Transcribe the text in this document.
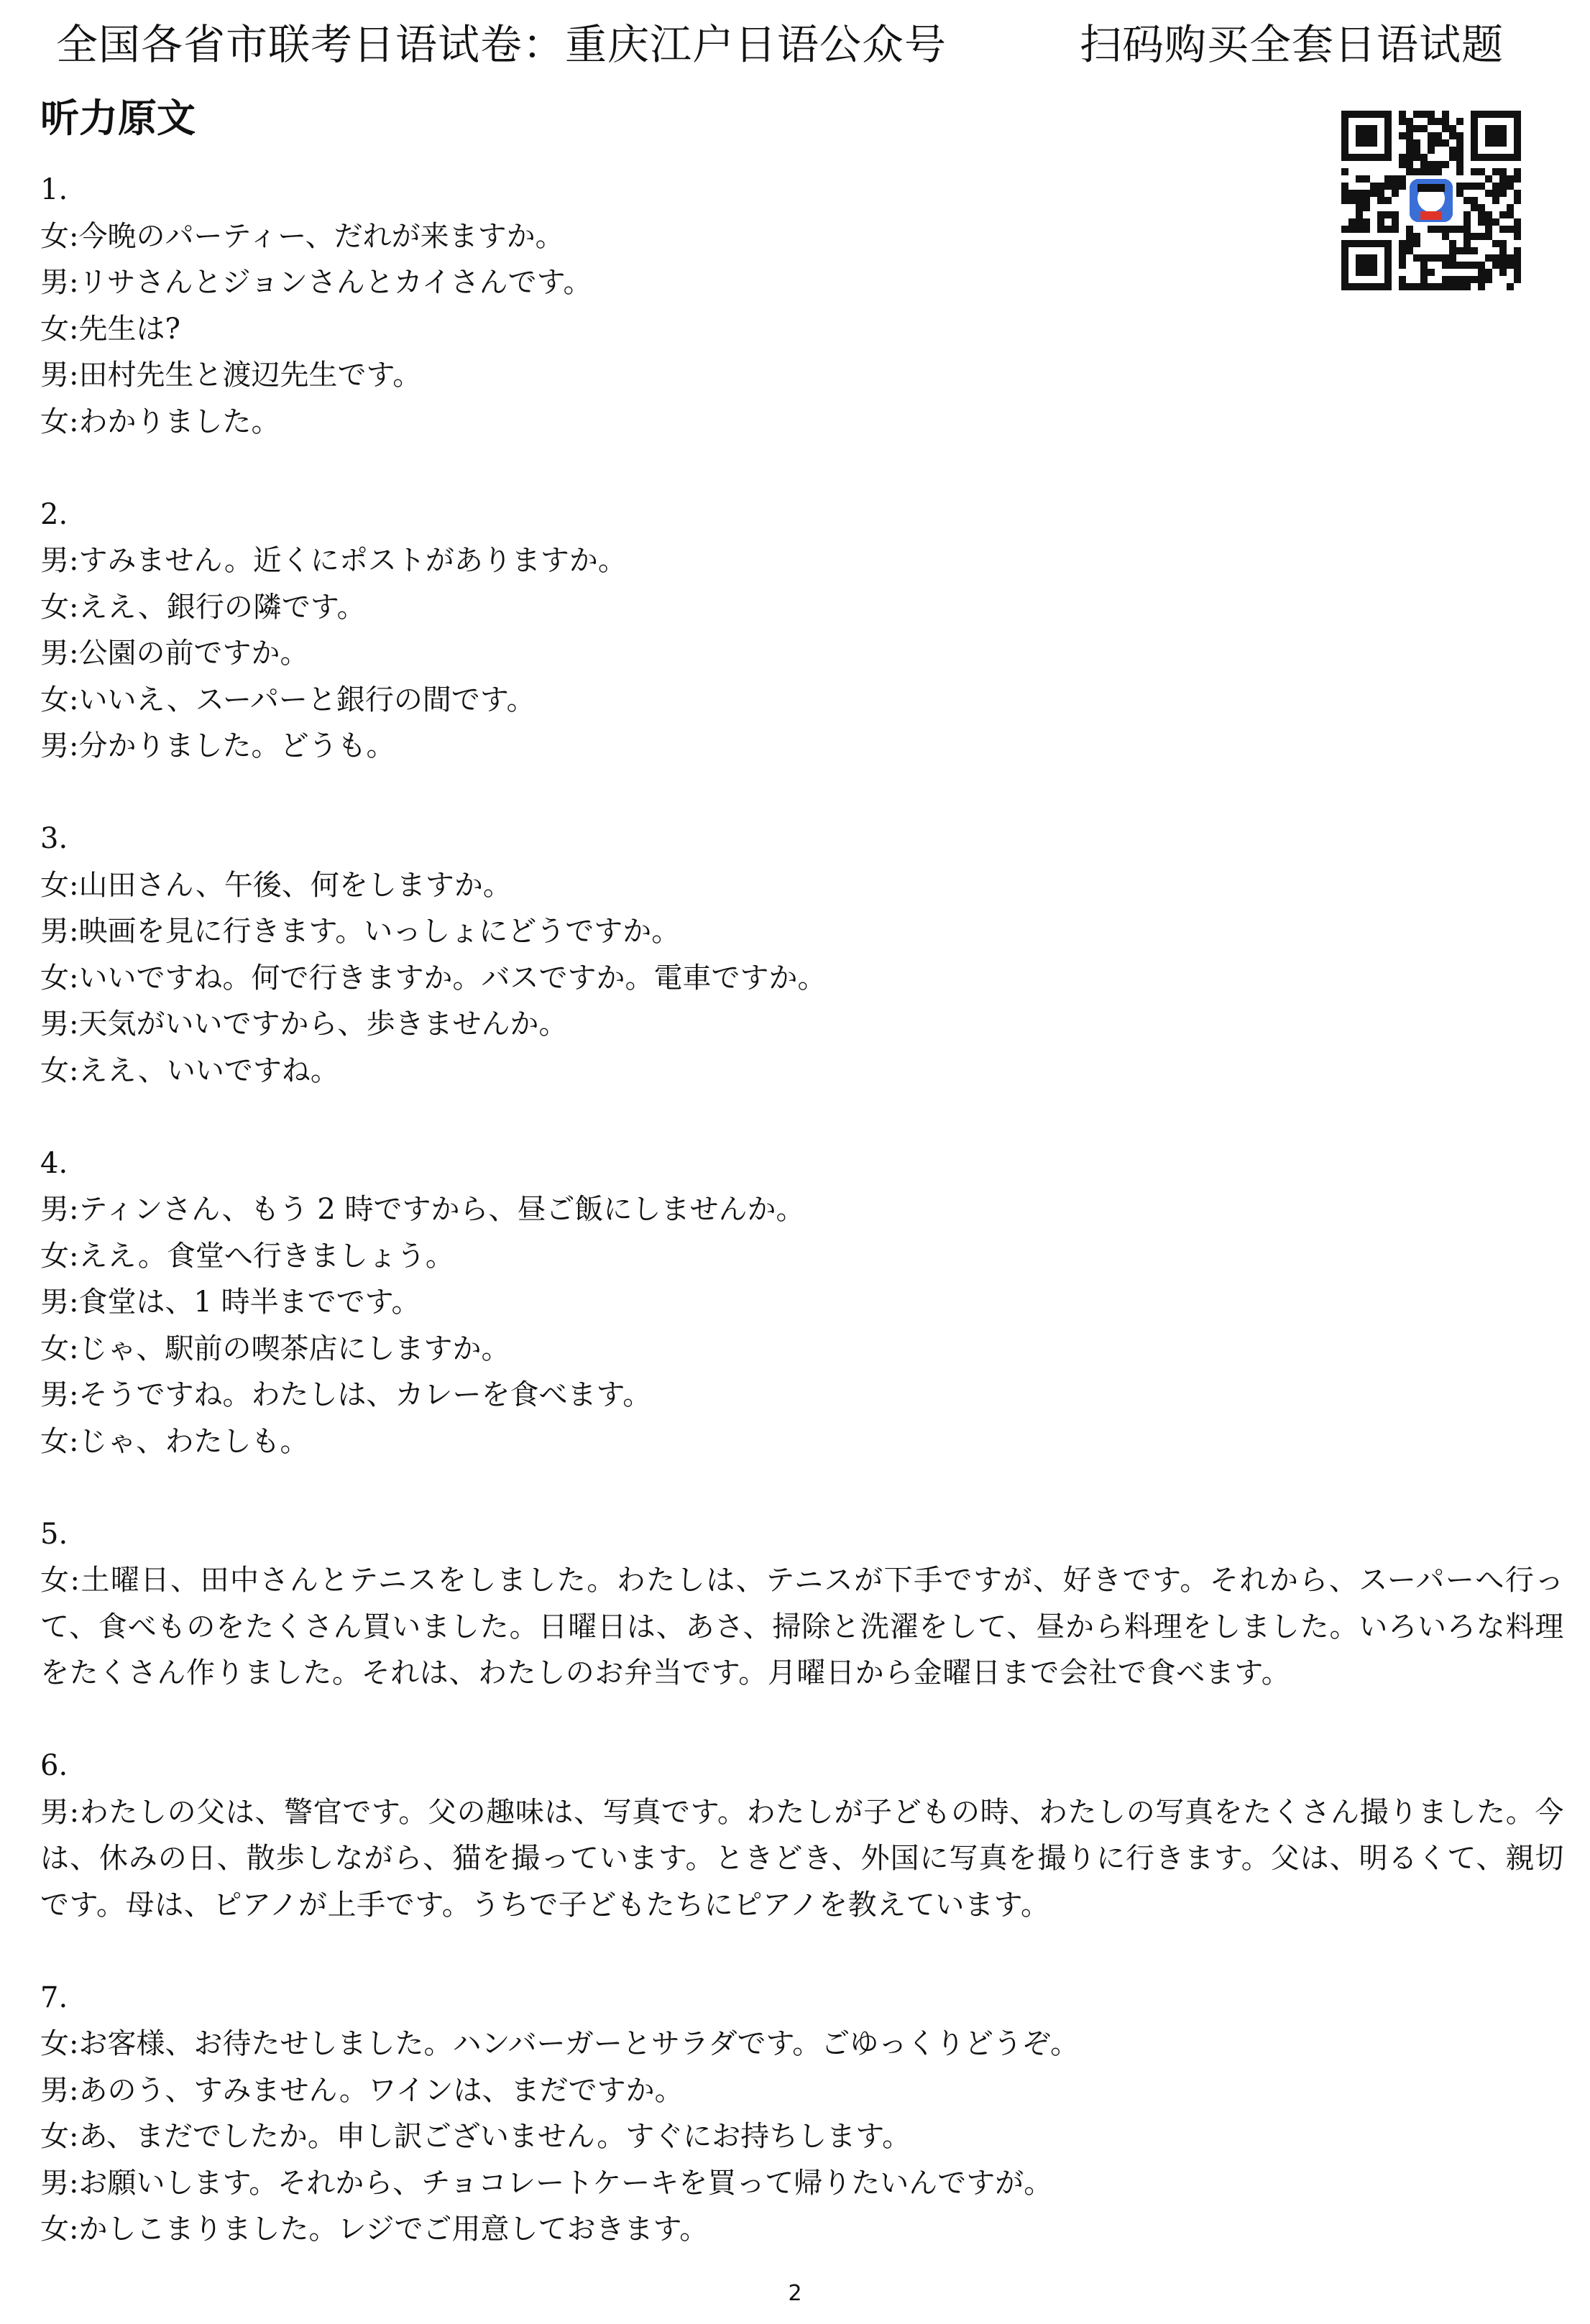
全国各省市联考日语试卷：重庆江户日语公众号	扫码购买全套日语试题
听力原文
1.
女:今晩のパーティー、だれが来ますか。
男:リサさんとジョンさんとカイさんです。
女:先生は?
男:田村先生と渡辺先生です。
女:わかりました。
2.
男:すみません。近くにポストがありますか。
女:ええ、銀行の隣です。
男:公園の前ですか。
女:いいえ、スーパーと銀行の間です。
男:分かりました。どうも。
3.
女:山田さん、午後、何をしますか。
男:映画を見に行きます。いっしょにどうですか。
女:いいですね。何で行きますか。バスですか。電車ですか。
男:天気がいいですから、歩きませんか。
女:ええ、いいですね。
4.
男:ティンさん、もう 2 時ですから、昼ご飯にしませんか。
女:ええ。食堂へ行きましょう。
男:食堂は、1 時半までです。
女:じゃ、駅前の喫茶店にしますか。
男:そうですね。わたしは、カレーを食べます。
女:じゃ、わたしも。
5.
女:土曜日、田中さんとテニスをしました。わたしは、テニスが下手ですが、好きです。それから、スーパーへ行って、食べものをたくさん買いました。日曜日は、あさ、掃除と洗濯をして、昼から料理をしました。いろいろな料理をたくさん作りました。それは、わたしのお弁当です。月曜日から金曜日まで会社で食べます。
6.
男:わたしの父は、警官です。父の趣味は、写真です。わたしが子どもの時、わたしの写真をたくさん撮りました。今は、休みの日、散歩しながら、猫を撮っています。ときどき、外国に写真を撮りに行きます。父は、明るくて、親切です。母は、ピアノが上手です。うちで子どもたちにピアノを教えています。
7.
女:お客様、お待たせしました。ハンバーガーとサラダです。ごゆっくりどうぞ。
男:あのう、すみません。ワインは、まだですか。
女:あ、まだでしたか。申し訳ございません。すぐにお持ちします。
男:お願いします。それから、チョコレートケーキを買って帰りたいんですが。
女:かしこまりました。レジでご用意しておきます。
2
